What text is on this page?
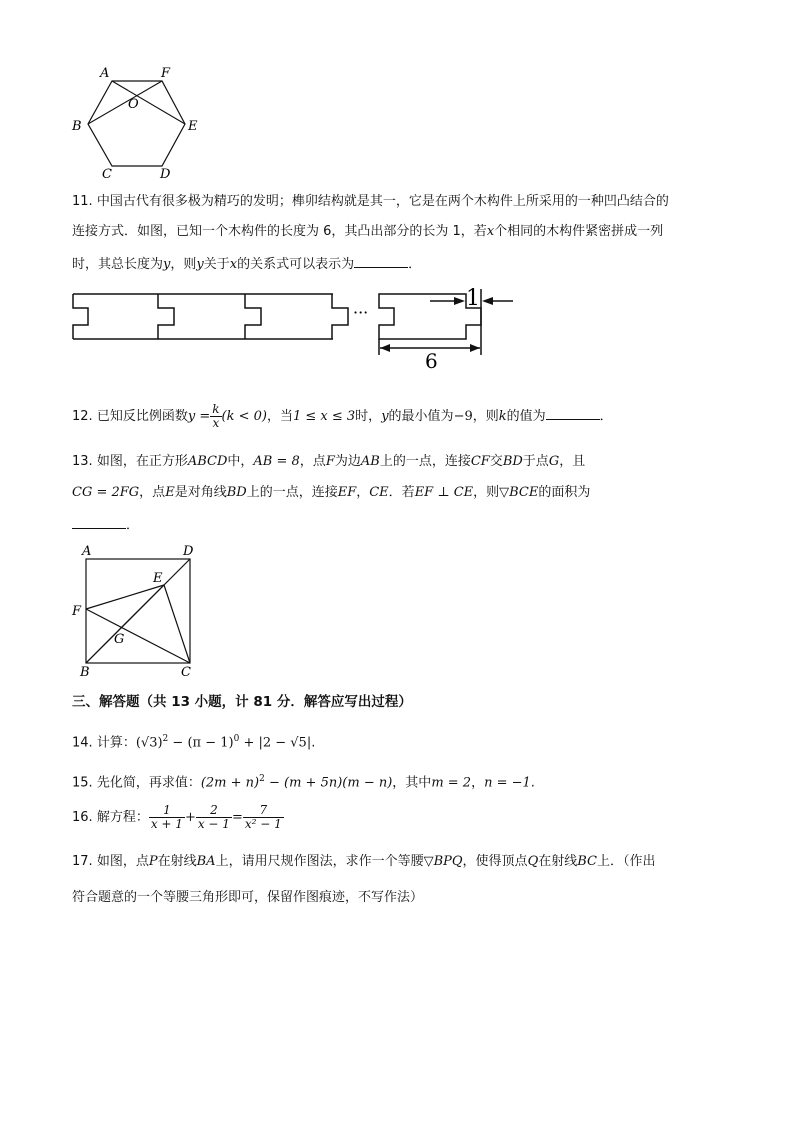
A	F
O
B	E
C	D
11. 中国古代有很多极为精巧的发明；榫卯结构就是其一，它是在两个木构件上所采用的一种凹凸结合的
连接方式．如图，已知一个木构件的长度为 6，其凸出部分的长为 1，若x个相同的木构件紧密拼成一列
时，其总长度为y，则y关于x的关系式可以表示为	．
···
1
6
12. 已知反比例函数$y = \frac{k}{x} (k < 0)$，当1 ≤ x ≤ 3时，y的最小值为−9，则k的值为	．
13. 如图，在正方形ABCD中，AB = 8，点F为边AB上的一点，连接CF交BD于点G，且
CG = 2FG，点E是对角线BD上的一点，连接EF，CE．若EF ⊥ CE，则▽BCE的面积为
．
A	D
E
F
G
B	C
三、解答题（共 13 小题，计 81 分．解答应写出过程）
14. 计算：$(√3)^2 - (\pi - 1)^0 + |2 - √5|$.
15. 先化简，再求值：$(2m + n)^2 - (m + 5n)(m - n)$，其中m = 2，n = −1.
16. 解方程： $\frac{1}{x + 1} + \frac{2}{x - 1} = \frac{7}{\text{x² − 1}}$
17. 如图，点P在射线BA上，请用尺规作图法，求作一个等腰▽BPQ，使得顶点Q在射线BC上．（作出
符合题意的一个等腰三角形即可，保留作图痕迹，不写作法）
